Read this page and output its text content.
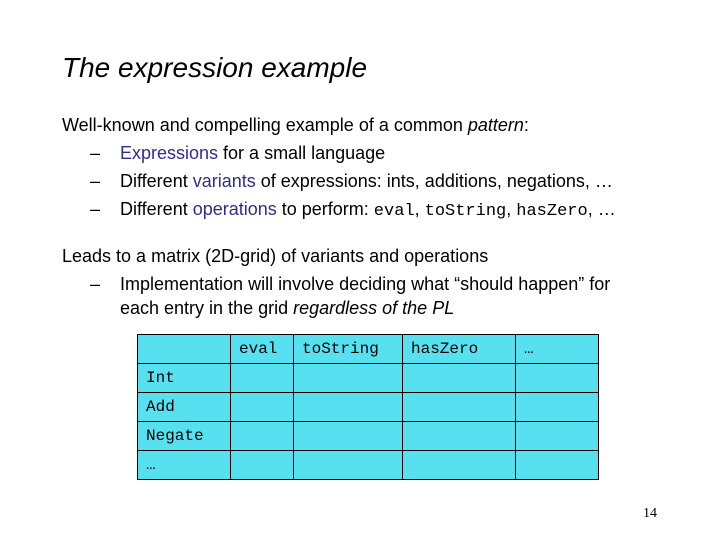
The expression example
Well-known and compelling example of a common pattern:
– Expressions for a small language
– Different variants of expressions: ints, additions, negations, …
– Different operations to perform: eval, toString, hasZero, …
Leads to a matrix (2D-grid) of variants and operations
– Implementation will involve deciding what “should happen” for
each entry in the grid regardless of the PL
	eval	toString	hasZero	…
Int				
Add				
Negate				
…				
14
